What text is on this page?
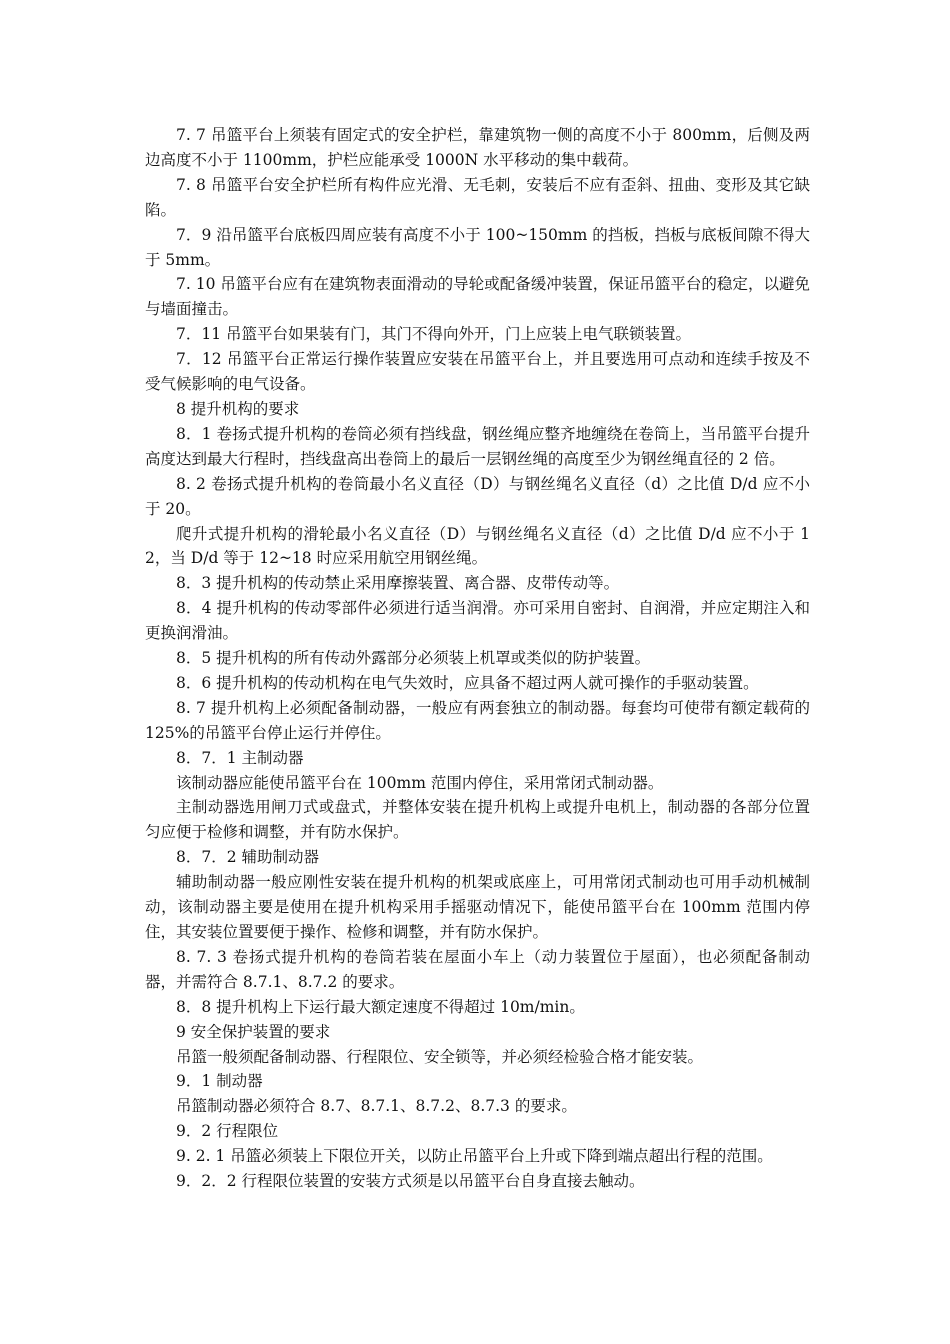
7. 7 吊篮平台上须装有固定式的安全护栏，靠建筑物一侧的高度不小于 800mm，后侧及两边高度不小于 1100mm，护栏应能承受 1000N 水平移动的集中载荷。

7. 8 吊篮平台安全护栏所有构件应光滑、无毛刺，安装后不应有歪斜、扭曲、变形及其它缺陷。

7．9 沿吊篮平台底板四周应装有高度不小于 100~150mm 的挡板，挡板与底板间隙不得大于 5mm。

7. 10 吊篮平台应有在建筑物表面滑动的导轮或配备缓冲装置，保证吊篮平台的稳定，以避免与墙面撞击。

7．11 吊篮平台如果装有门，其门不得向外开，门上应装上电气联锁装置。

7．12 吊篮平台正常运行操作装置应安装在吊篮平台上，并且要选用可点动和连续手按及不受气候影响的电气设备。

8 提升机构的要求

8．1 卷扬式提升机构的卷筒必须有挡线盘，钢丝绳应整齐地缠绕在卷筒上，当吊篮平台提升高度达到最大行程时，挡线盘高出卷筒上的最后一层钢丝绳的高度至少为钢丝绳直径的 2 倍。

8. 2 卷扬式提升机构的卷筒最小名义直径（D）与钢丝绳名义直径（d）之比值 D/d 应不小于 20。

爬升式提升机构的滑轮最小名义直径（D）与钢丝绳名义直径（d）之比值 D/d 应不小于 12，当 D/d 等于 12~18 时应采用航空用钢丝绳。

8．3 提升机构的传动禁止采用摩擦装置、离合器、皮带传动等。

8．4 提升机构的传动零部件必须进行适当润滑。亦可采用自密封、自润滑，并应定期注入和更换润滑油。

8．5 提升机构的所有传动外露部分必须装上机罩或类似的防护装置。

8．6 提升机构的传动机构在电气失效时，应具备不超过两人就可操作的手驱动装置。

8. 7 提升机构上必须配备制动器，一般应有两套独立的制动器。每套均可使带有额定载荷的 125%的吊篮平台停止运行并停住。

8．7．1 主制动器

该制动器应能使吊篮平台在 100mm 范围内停住，采用常闭式制动器。

主制动器选用闸刀式或盘式，并整体安装在提升机构上或提升电机上，制动器的各部分位置匀应便于检修和调整，并有防水保护。

8．7．2 辅助制动器

辅助制动器一般应刚性安装在提升机构的机架或底座上，可用常闭式制动也可用手动机械制动，该制动器主要是使用在提升机构采用手摇驱动情况下，能使吊篮平台在 100mm 范围内停住，其安装位置要便于操作、检修和调整，并有防水保护。

8. 7. 3 卷扬式提升机构的卷筒若装在屋面小车上（动力装置位于屋面），也必须配备制动器，并需符合 8.7.1、8.7.2 的要求。

8．8 提升机构上下运行最大额定速度不得超过 10m/min。

9 安全保护装置的要求

吊篮一般须配备制动器、行程限位、安全锁等，并必须经检验合格才能安装。

9．1 制动器

吊篮制动器必须符合 8.7、8.7.1、8.7.2、8.7.3 的要求。

9．2 行程限位

9. 2. 1 吊篮必须装上下限位开关，以防止吊篮平台上升或下降到端点超出行程的范围。

9．2．2 行程限位装置的安装方式须是以吊篮平台自身直接去触动。
